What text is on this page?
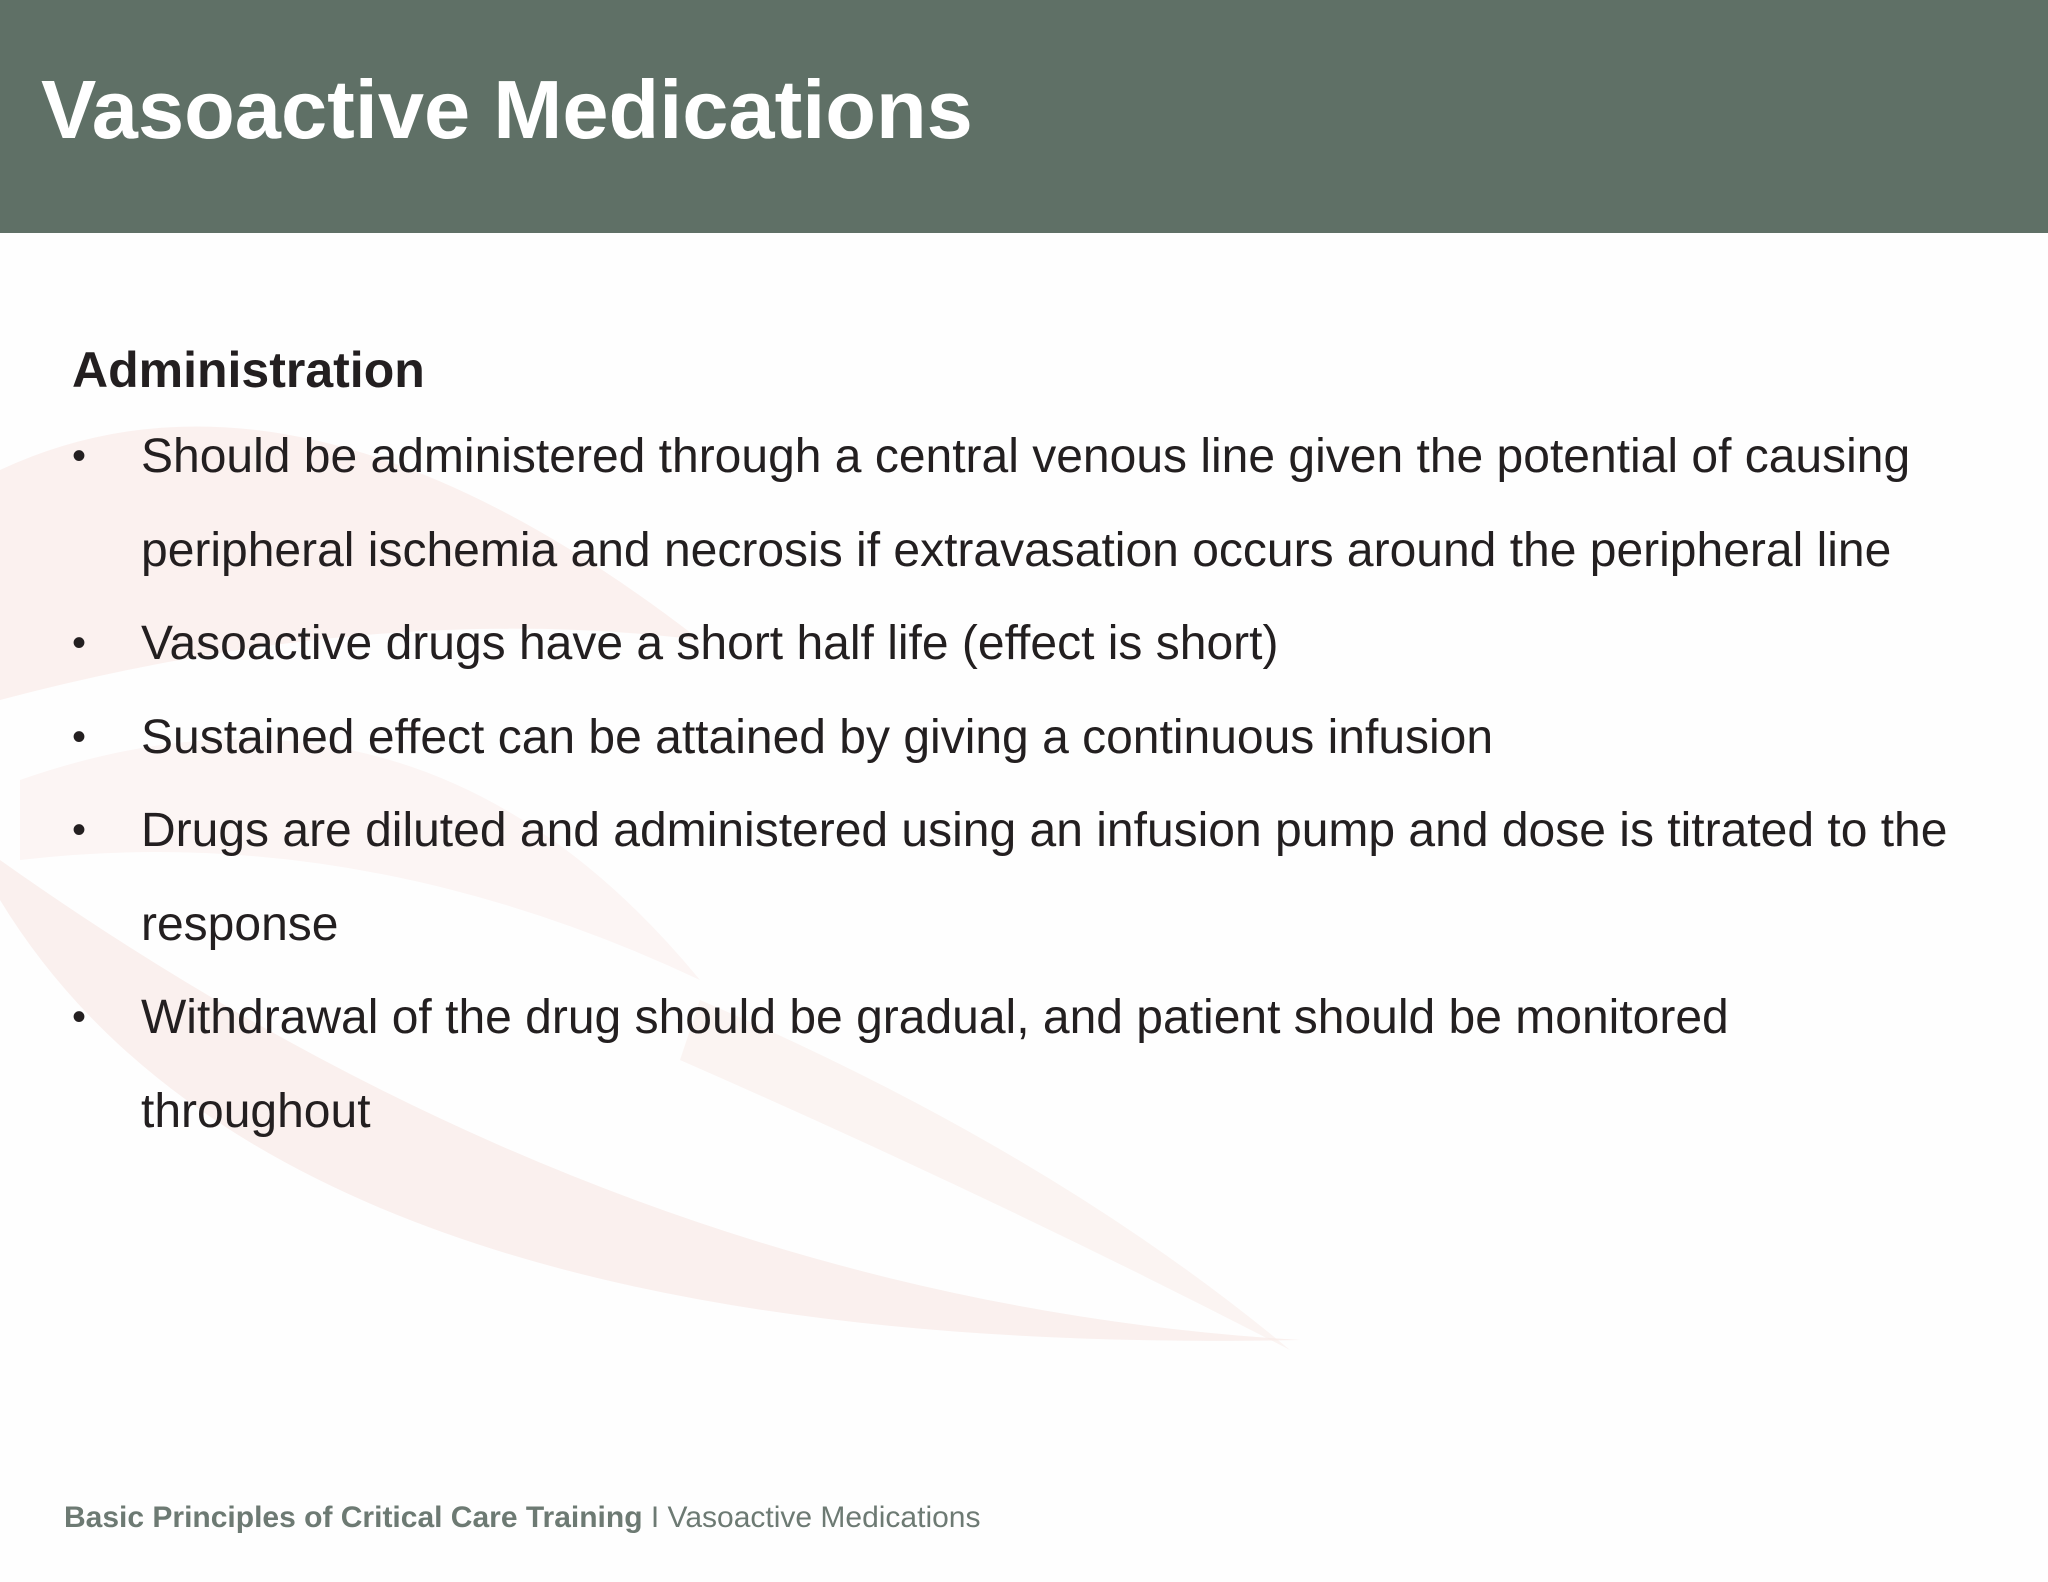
Vasoactive Medications

Administration

•	Should be administered through a central venous line given the potential of causing peripheral ischemia and necrosis if extravasation occurs around the peripheral line
•	Vasoactive drugs have a short half life (effect is short)
•	Sustained effect can be attained by giving a continuous infusion
•	Drugs are diluted and administered using an infusion pump and dose is titrated to the response
•	Withdrawal of the drug should be gradual, and patient should be monitored throughout
Basic Principles of Critical Care Training I Vasoactive Medications
